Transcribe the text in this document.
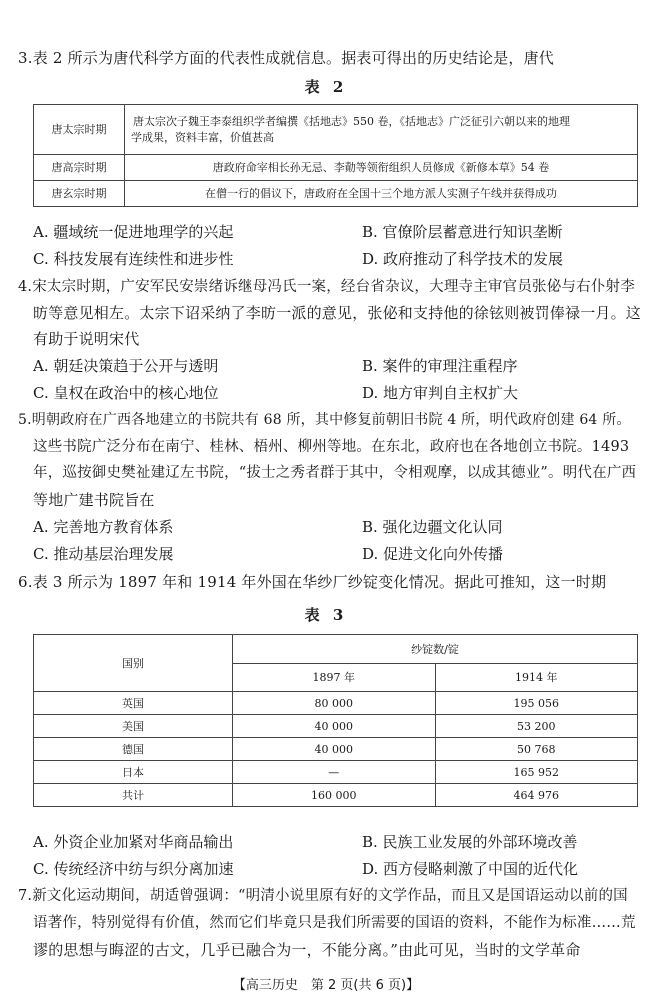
3.表 2 所示为唐代科学方面的代表性成就信息。据表可得出的历史结论是，唐代
表 2
唐太宗时期	唐太宗次子魏王李泰组织学者编撰《括地志》550 卷，《括地志》广泛征引六朝以来的地理
学成果，资料丰富，价值甚高

唐高宗时期	唐政府命宰相长孙无忌、李勣等领衔组织人员修成《新修本草》54 卷

唐玄宗时期	在僧一行的倡议下，唐政府在全国十三个地方派人实测子午线并获得成功
A. 疆域统一促进地理学的兴起	B. 官僚阶层蓄意进行知识垄断
C. 科技发展有连续性和进步性	D. 政府推动了科学技术的发展
4.宋太宗时期，广安军民安崇绪诉继母冯氏一案，经台省杂议，大理寺主审官员张佖与右仆射李
昉等意见相左。太宗下诏采纳了李昉一派的意见，张佖和支持他的徐铉则被罚俸禄一月。这
有助于说明宋代
A. 朝廷决策趋于公开与透明	B. 案件的审理注重程序
C. 皇权在政治中的核心地位	D. 地方审判自主权扩大
5.明朝政府在广西各地建立的书院共有 68 所，其中修复前朝旧书院 4 所，明代政府创建 64 所。
这些书院广泛分布在南宁、桂林、梧州、柳州等地。在东北，政府也在各地创立书院。1493
年，巡按御史樊祉建辽左书院，“拔士之秀者群于其中，令相观摩，以成其德业”。明代在广西
等地广建书院旨在
A. 完善地方教育体系	B. 强化边疆文化认同
C. 推动基层治理发展	D. 促进文化向外传播
6.表 3 所示为 1897 年和 1914 年外国在华纱厂纱锭变化情况。据此可推知，这一时期
表 3
国别	纱锭数/锭	
	1897 年	1914 年
英国	80 000	195 056
美国	40 000	53 200
德国	40 000	50 768
日本	—	165 952
共计	160 000	464 976
A. 外资企业加紧对华商品输出	B. 民族工业发展的外部环境改善
C. 传统经济中纺与织分离加速	D. 西方侵略刺激了中国的近代化
7.新文化运动期间，胡适曾强调：“明清小说里原有好的文学作品，而且又是国语运动以前的国
语著作，特别觉得有价值，然而它们毕竟只是我们所需要的国语的资料，不能作为标准……荒
谬的思想与晦涩的古文，几乎已融合为一，不能分离。”由此可见，当时的文学革命
【高三历史　第 2 页(共 6 页)】
